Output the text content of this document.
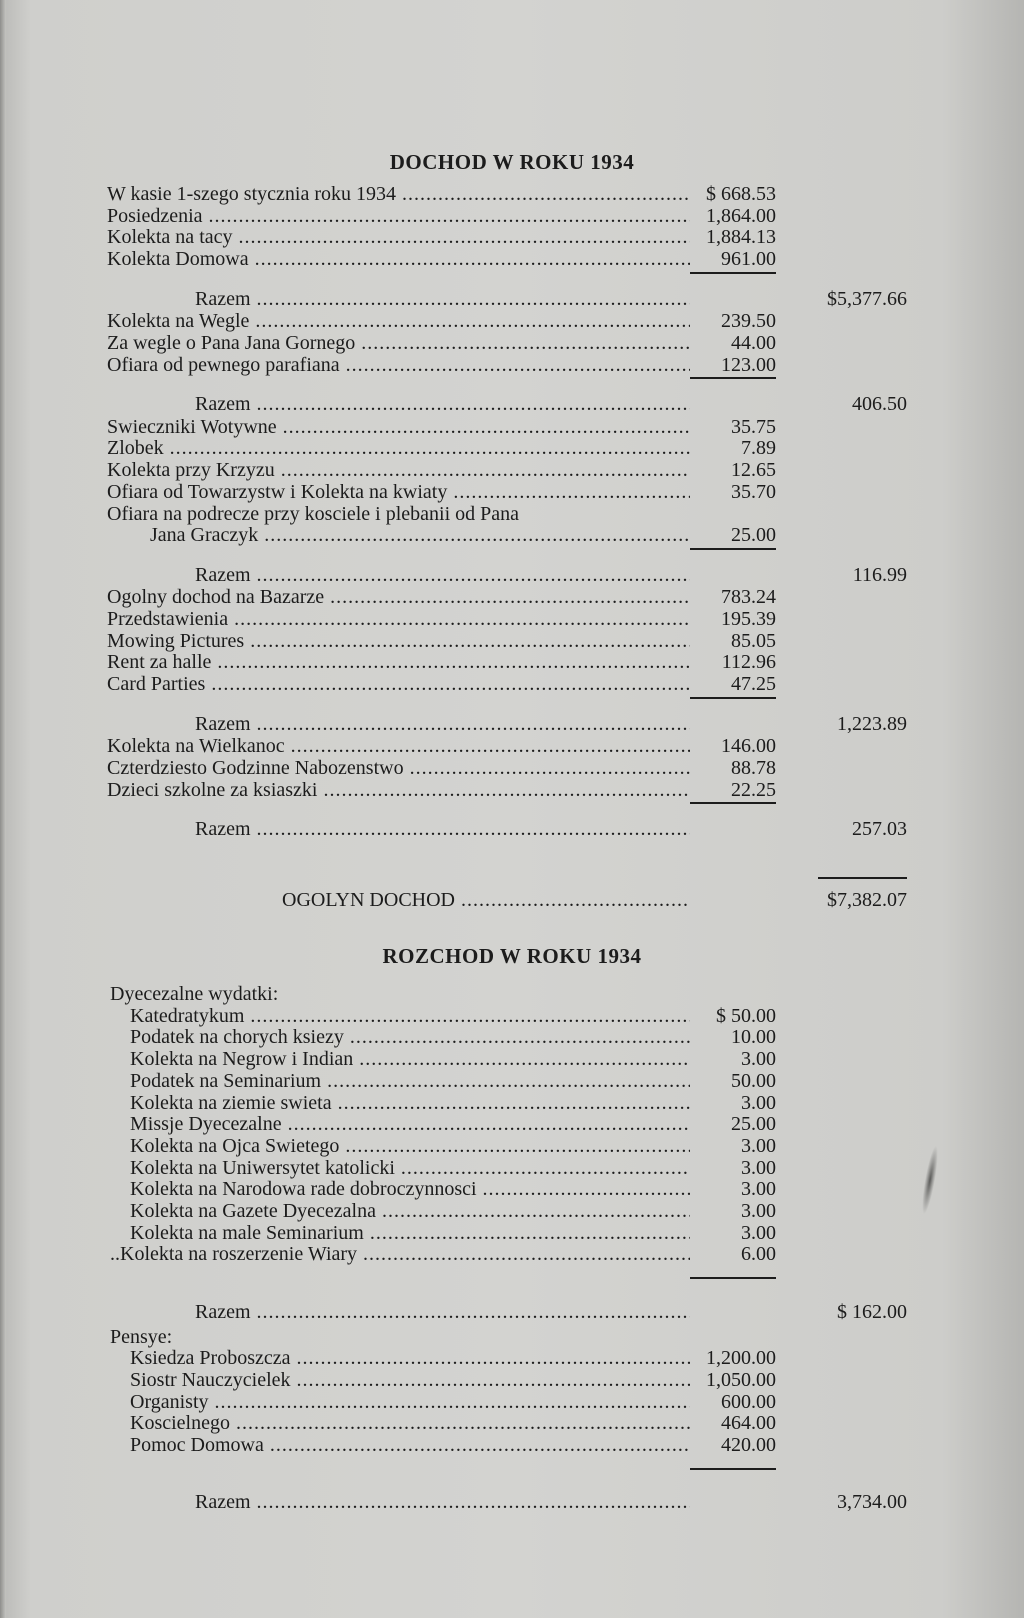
DOCHOD W ROKU 1934
ROZCHOD W ROKU 1934
W kasie 1-szego stycznia roku 1934 .....	$ 668.53
Posiedzenia .....	1,864.00
Kolekta na tacy .....	1,884.13
Kolekta Domowa .....	961.00
Razem .....	$5,377.66
Kolekta na Wegle .....	239.50
Za wegle o Pana Jana Gornego .....	44.00
Ofiara od pewnego parafiana .....	123.00
Razem .....	406.50
Swieczniki Wotywne .....	35.75
Zlobek .....	7.89
Kolekta przy Krzyzu .....	12.65
Ofiara od Towarzystw i Kolekta na kwiaty .....	35.70
Ofiara na podrecze przy kosciele i plebanii od Pana
Jana Graczyk .....	25.00
Razem .....	116.99
Ogolny dochod na Bazarze .....	783.24
Przedstawienia .....	195.39
Mowing Pictures .....	85.05
Rent za halle .....	112.96
Card Parties .....	47.25
Razem .....	1,223.89
Kolekta na Wielkanoc .....	146.00
Czterdziesto Godzinne Nabozenstwo .....	88.78
Dzieci szkolne za ksiaszki .....	22.25
Razem .....	257.03
OGOLYN DOCHOD .....	$7,382.07
Dyecezalne wydatki:
Katedratykum .....	$ 50.00
Podatek na chorych ksiezy .....	10.00
Kolekta na Negrow i Indian .....	3.00
Podatek na Seminarium .....	50.00
Kolekta na ziemie swieta .....	3.00
Missje Dyecezalne .....	25.00
Kolekta na Ojca Swietego .....	3.00
Kolekta na Uniwersytet katolicki .....	3.00
Kolekta na Narodowa rade dobroczynnosci .....	3.00
Kolekta na Gazete Dyecezalna .....	3.00
Kolekta na male Seminarium .....	3.00
..Kolekta na roszerzenie Wiary .....	6.00
Razem .....	$ 162.00
Pensye:
Ksiedza Proboszcza .....	1,200.00
Siostr Nauczycielek .....	1,050.00
Organisty .....	600.00
Koscielnego .....	464.00
Pomoc Domowa .....	420.00
Razem .....	3,734.00
